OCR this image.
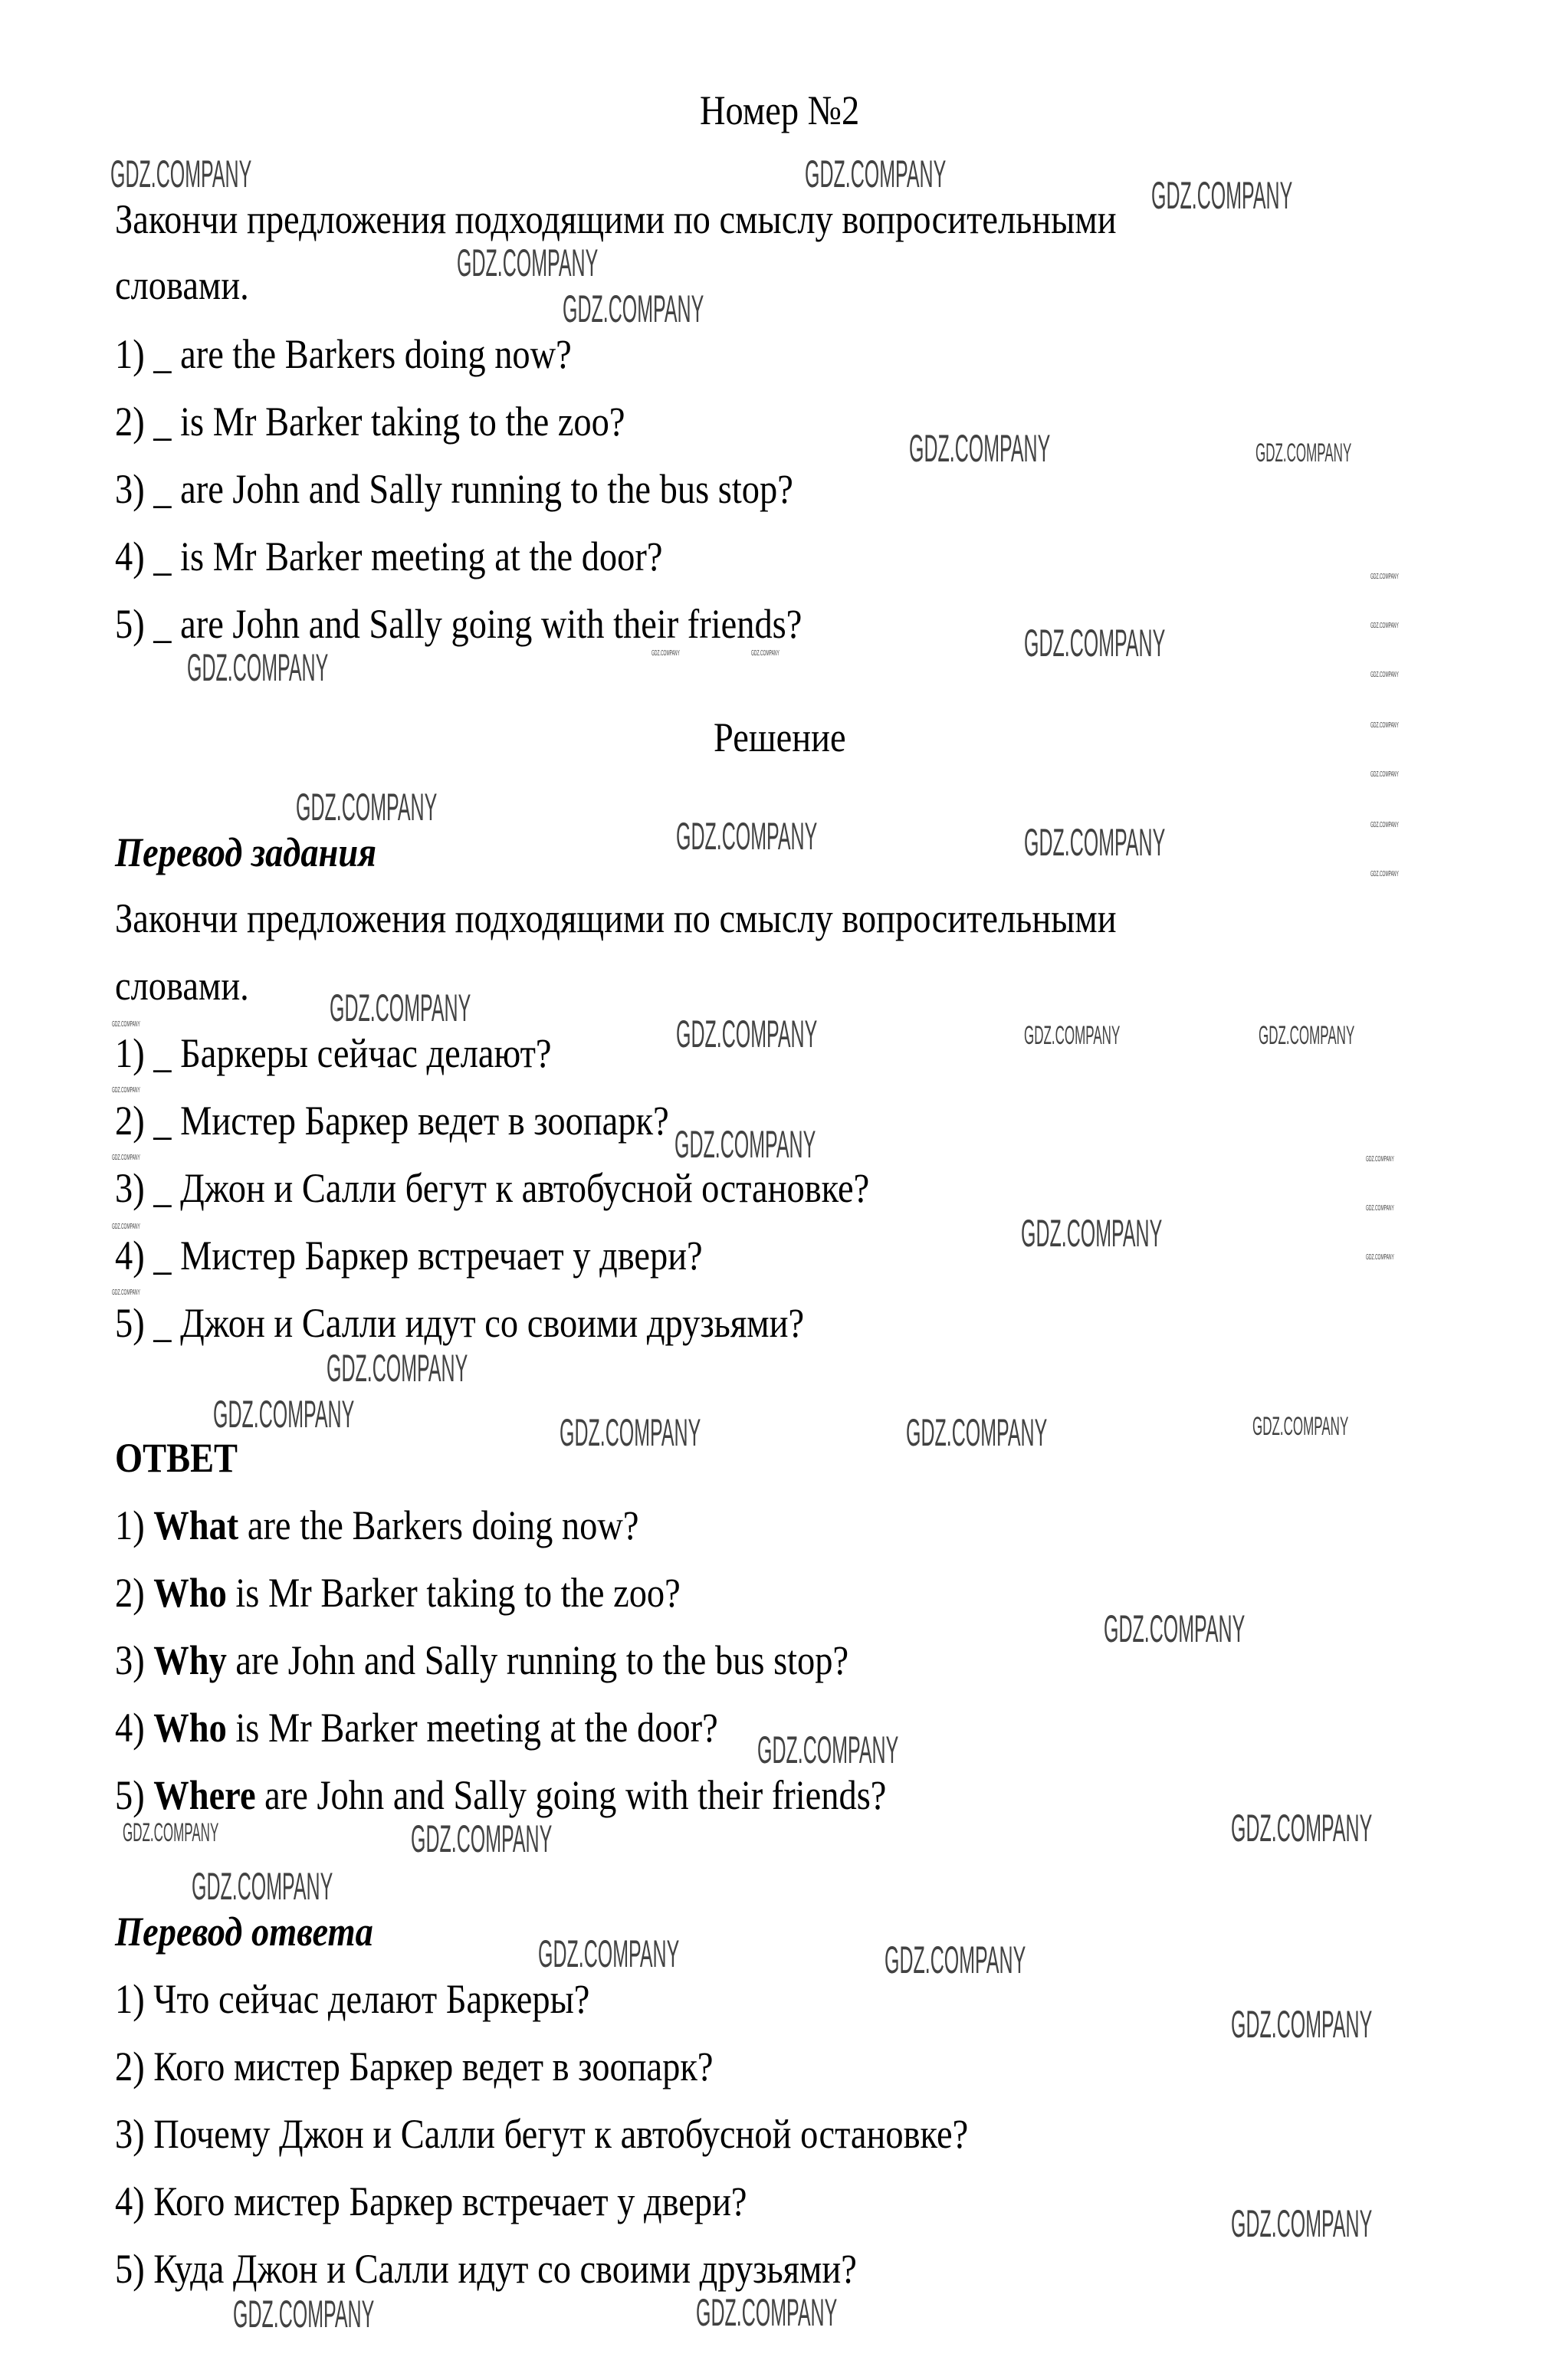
Номер №2
Закончи предложения подходящими по смыслу вопросительными
словами.
1) _ are the Barkers doing now?
2) _ is Mr Barker taking to the zoo?
3) _ are John and Sally running to the bus stop?
4) _ is Mr Barker meeting at the door?
5) _ are John and Sally going with their friends?
Решение
Перевод задания
Закончи предложения подходящими по смыслу вопросительными
словами.
1) _ Баркеры сейчас делают?
2) _ Мистер Баркер ведет в зоопарк?
3) _ Джон и Салли бегут к автобусной остановке?
4) _ Мистер Баркер встречает у двери?
5) _ Джон и Салли идут со своими друзьями?
ОТВЕТ
1) What are the Barkers doing now?
2) Who is Mr Barker taking to the zoo?
3) Why are John and Sally running to the bus stop?
4) Who is Mr Barker meeting at the door?
5) Where are John and Sally going with their friends?
Перевод ответа
1) Что сейчас делают Баркеры?
2) Кого мистер Баркер ведет в зоопарк?
3) Почему Джон и Салли бегут к автобусной остановке?
4) Кого мистер Баркер встречает у двери?
5) Куда Джон и Салли идут со своими друзьями?
GDZ.COMPANY	GDZ.COMPANY
GDZ.COMPANY
GDZ.COMPANY
GDZ.COMPANY
GDZ.COMPANY
GDZ.COMPANY	GDZ.COMPANY
GDZ.COMPANY
GDZ.COMPANY
GDZ.COMPANY	GDZ.COMPANY
GDZ.COMPANY
GDZ.COMPANY	GDZ.COMPANY	GDZ.COMPANY
GDZ.COMPANY
GDZ.COMPANY
GDZ.COMPANY
GDZ.COMPANY	GDZ.COMPANY	GDZ.COMPANY
GDZ.COMPANY
GDZ.COMPANY
GDZ.COMPANY	GDZ.COMPANY
GDZ.COMPANY
GDZ.COMPANY
GDZ.COMPANY
GDZ.COMPANY	GDZ.COMPANY
GDZ.COMPANY
GDZ.COMPANY	GDZ.COMPANY
GDZ.COMPANY
GDZ.COMPANY
GDZ.COMPANY
GDZ.COMPANY
GDZ.COMPANY
GDZ.COMPANY
GDZ.COMPANY
GDZ.COMPANY
GDZ.COMPANY	GDZ.COMPANY
GDZ.COMPANY
GDZ.COMPANY
GDZ.COMPANY
GDZ.COMPANY
GDZ.COMPANY
GDZ.COMPANY
GDZ.COMPANY
GDZ.COMPANY
